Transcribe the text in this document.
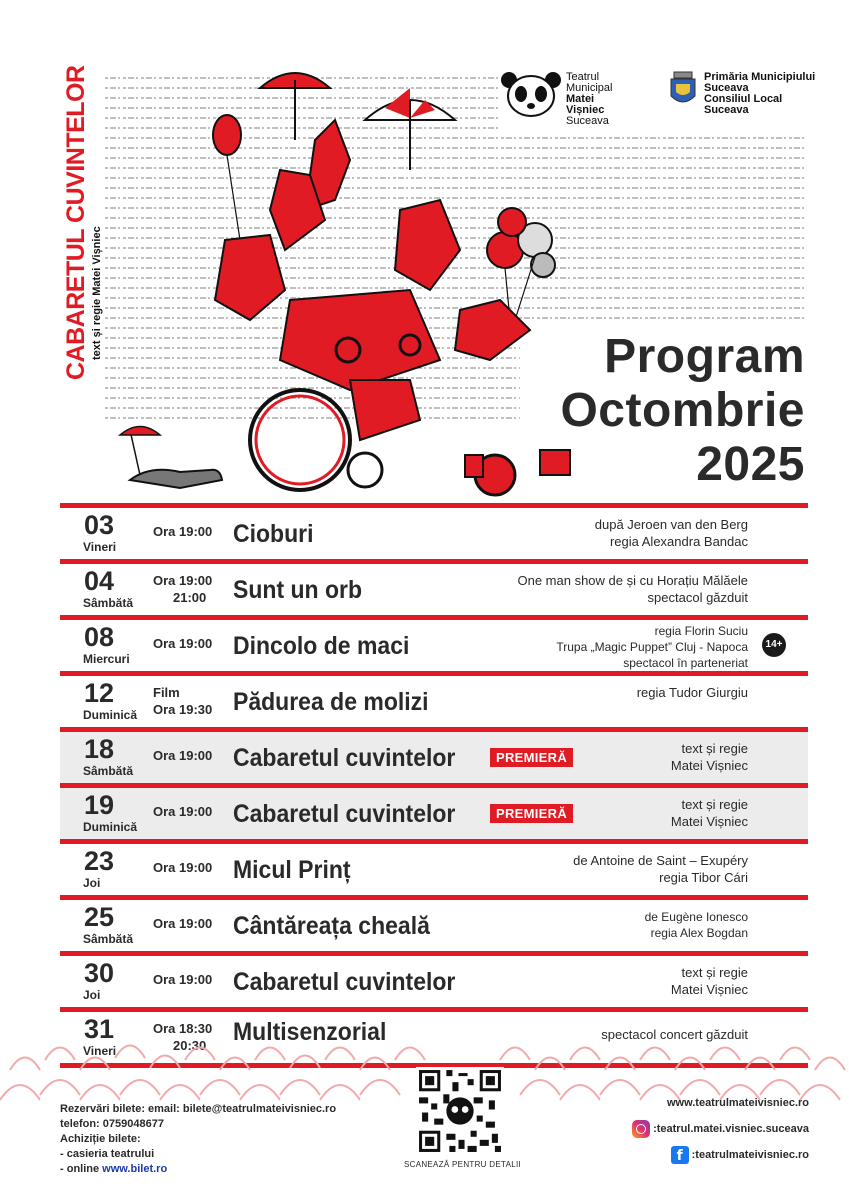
CABARETUL CUVINTELOR text și regie Matei Vișniec
Teatrul
Municipal
Matei Vișniec
Suceava
Primăria Municipiului
Suceava
Consiliul Local
Suceava
Program
Octombrie
2025
03
Vineri
Ora 19:00 Cioburi	după Jeroen van den Berg
regia Alexandra Bandac
04
Sâmbătă
Ora 19:00
21:00 Sunt un orb	One man show de și cu Horațiu Mălăele
spectacol găzduit
08
Miercuri
Ora 19:00 Dincolo de maci
regia Florin Suciu
Trupa „Magic Puppet” Cluj - Napoca
spectacol în parteneriat
14+
12
Duminică
Film
Ora 19:30 Pădurea de molizi	regia Tudor Giurgiu
18
Sâmbătă
Ora 19:00 Cabaretul cuvintelor	PREMIERĂ
text și regie
Matei Vișniec
19
Duminică
Ora 19:00 Cabaretul cuvintelor	PREMIERĂ
text și regie
Matei Vișniec
23
Joi
Ora 19:00 Micul Prinț	de Antoine de Saint – Exupéry
regia Tibor Cári
25
Sâmbătă
Ora 19:00 Cântăreața cheală	de Eugène Ionesco
regia Alex Bogdan
30
Joi
Ora 19:00 Cabaretul cuvintelor	text și regie
Matei Vișniec
31
Vineri
Ora 18:30
20:30 Multisenzorial	spectacol concert găzduit
Rezervări bilete: email: bilete@teatrulmateivisniec.ro
telefon: 0759048677
Achiziție bilete:
- casieria teatrului
- online www.bilet.ro	SCANEAZĂ PENTRU DETALII
www.teatrulmateivisniec.ro
:teatrul.matei.visniec.suceava
f :teatrulmateivisniec.ro
